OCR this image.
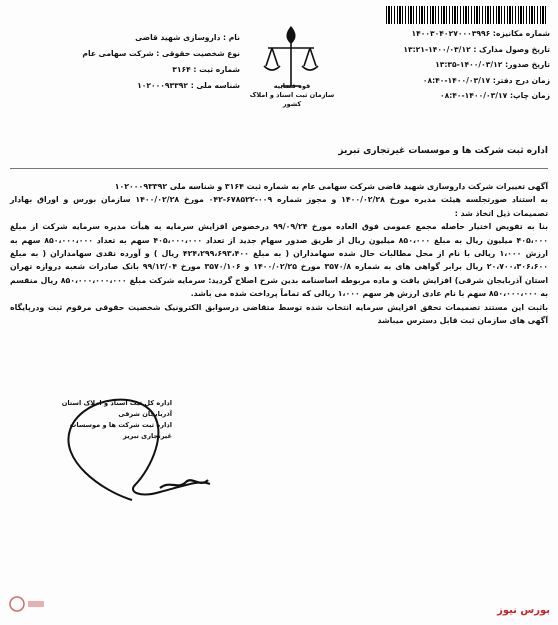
شماره مکانیزه: ۱۴۰۰۳۰۴۰۲۷۰۰۰۳۹۹۶
تاریخ وصول مدارک : ۱۴۰۰/۰۳/۱۲-۱۳:۲۱
تاریخ صدور: ۱۴۰۰/۰۳/۱۲-۱۳:۳۵
زمان درج دفتر: ۱۴۰۰/۰۳/۱۷-۰۸:۴۰
زمان چاپ: ۱۴۰۰/۰۳/۱۷-۰۸:۴۰
قوه قضاییه
سازمان ثبت اسناد و املاک کشور
نام : داروسازی شهید قاضی
نوع شخصیت حقوقی : شرکت سهامی عام
شماره ثبت : ۳۱۶۴
شناسه ملی : ۱۰۲۰۰۰۹۳۳۹۲
اداره ثبت شرکت ها و موسسات غیرتجاری تبریز

آگهی تغییرات شرکت داروسازی شهید قاضی شرکت سهامی عام به شماره ثبت ۳۱۶۴ و شناسه ملی ۱۰۲۰۰۰۹۳۳۹۲

به استناد صورتجلسه هیئت مدیره مورخ ۱۴۰۰/۰۲/۲۸ و مجوز شماره ۰۰۹-۶۷۸۵۲۲-۰۴۲ مورخ ۱۴۰۰/۰۲/۲۸ سازمان بورس و اوراق بهادار تصمیمات ذیل اتخاذ شد :

بنا به تفویض اختیار حاصله مجمع عمومی فوق العاده مورخ ۹۹/۰۹/۲۴ درخصوص افزایش سرمایه به هیأت مدیره سرمایه شرکت از مبلغ ۴۰۵،۰۰۰ میلیون ریال به مبلغ ۸۵۰،۰۰۰ میلیون ریال از طریق صدور سهام جدید از تعداد ۴۰۵،۰۰۰،۰۰۰ سهم به تعداد ۸۵۰،۰۰۰،۰۰۰ سهم به ارزش ۱،۰۰۰ ریالی با نام از محل مطالبات حال شده سهامداران ( به مبلغ ۴۲۴،۲۹۹،۶۹۳،۴۰۰ ریال ) و آورده نقدی سهامداران ( به مبلغ ۲۰،۷۰۰،۳۰۶،۶۰۰ ریال برابر گواهی های به شماره ۳۵۷۰/۸ مورخ ۱۴۰۰/۰۲/۲۵ و ۳۵۷۰/۱۰۶ مورخ ۹۹/۱۲/۰۴ بانک صادرات شعبه دروازه تهران استان آذربایجان شرقی) افزایش یافت و ماده مربوطه اساسنامه بدین شرح اصلاح گردید: سرمایه شرکت مبلغ ۸۵۰،۰۰۰،۰۰۰،۰۰۰ ریال منقسم به ۸۵۰،۰۰۰،۰۰۰ سهم با نام عادی ارزش هر سهم ۱،۰۰۰ ریالی که تماماً پرداخت شده می باشد.

باثبت این مستند تصمیمات تحقق افزایش سرمایه انتخاب شده توسط متقاضی درسوابق الکترونیک شخصیت حقوقی مرقوم ثبت ودرپایگاه آگهی های سازمان ثبت قابل دسترس میباشد

اداره کل ثبت اسناد و املاک استان آذربایجان شرقی
اداره ثبت شرکت ها و موسسات غیرتجاری تبریز
بورس نیوز
